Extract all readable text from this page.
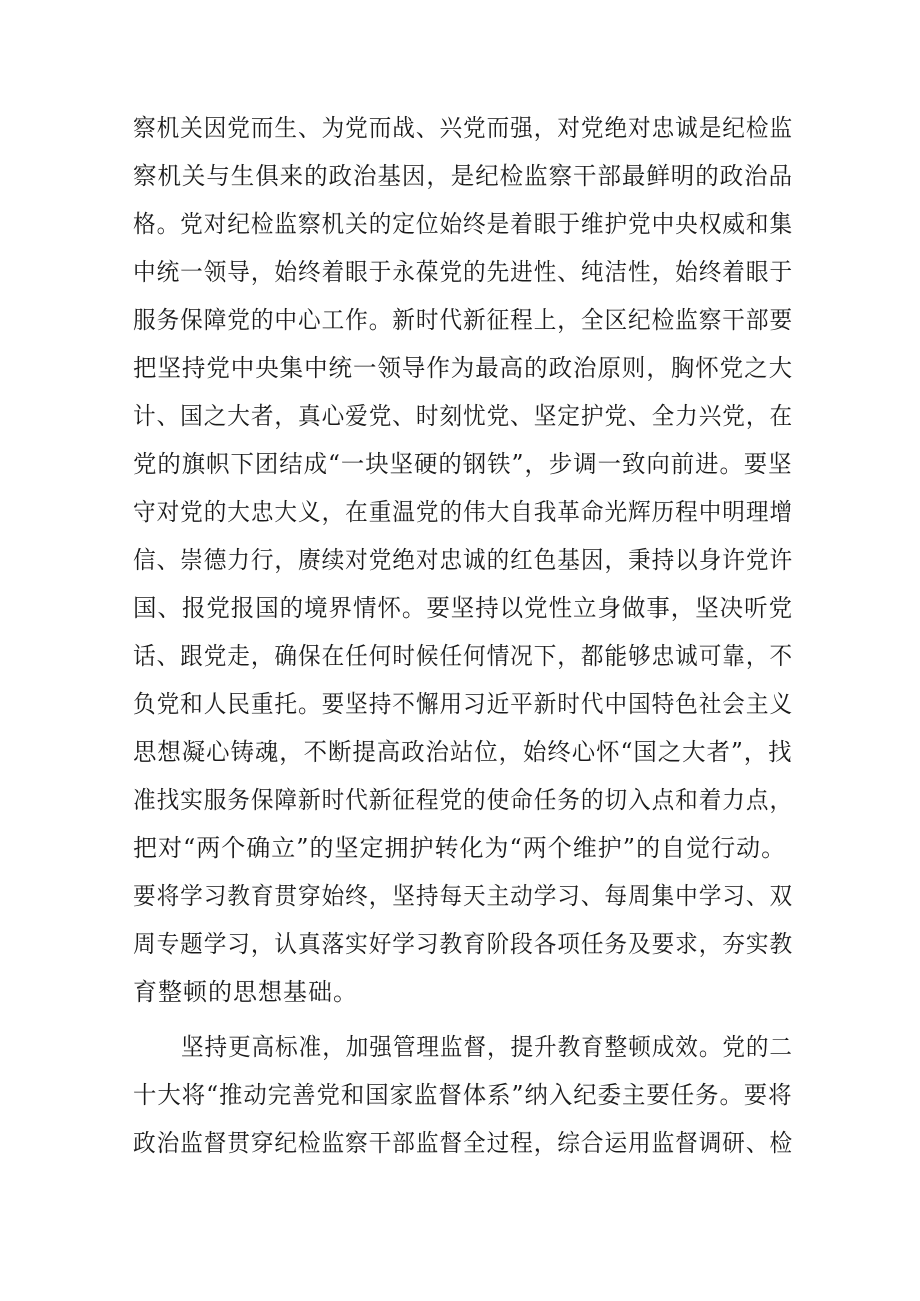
察机关因党而生、为党而战、兴党而强，对党绝对忠诚是纪检监
察机关与生俱来的政治基因，是纪检监察干部最鲜明的政治品
格。党对纪检监察机关的定位始终是着眼于维护党中央权威和集
中统一领导，始终着眼于永葆党的先进性、纯洁性，始终着眼于
服务保障党的中心工作。新时代新征程上，全区纪检监察干部要
把坚持党中央集中统一领导作为最高的政治原则，胸怀党之大
计、国之大者，真心爱党、时刻忧党、坚定护党、全力兴党，在
党的旗帜下团结成“一块坚硬的钢铁”，步调一致向前进。要坚
守对党的大忠大义，在重温党的伟大自我革命光辉历程中明理增
信、崇德力行，赓续对党绝对忠诚的红色基因，秉持以身许党许
国、报党报国的境界情怀。要坚持以党性立身做事，坚决听党
话、跟党走，确保在任何时候任何情况下，都能够忠诚可靠，不
负党和人民重托。要坚持不懈用习近平新时代中国特色社会主义
思想凝心铸魂，不断提高政治站位，始终心怀“国之大者”，找
准找实服务保障新时代新征程党的使命任务的切入点和着力点，
把对“两个确立”的坚定拥护转化为“两个维护”的自觉行动。
要将学习教育贯穿始终，坚持每天主动学习、每周集中学习、双
周专题学习，认真落实好学习教育阶段各项任务及要求，夯实教
育整顿的思想基础。
坚持更高标准，加强管理监督，提升教育整顿成效。党的二
十大将“推动完善党和国家监督体系”纳入纪委主要任务。要将
政治监督贯穿纪检监察干部监督全过程，综合运用监督调研、检
